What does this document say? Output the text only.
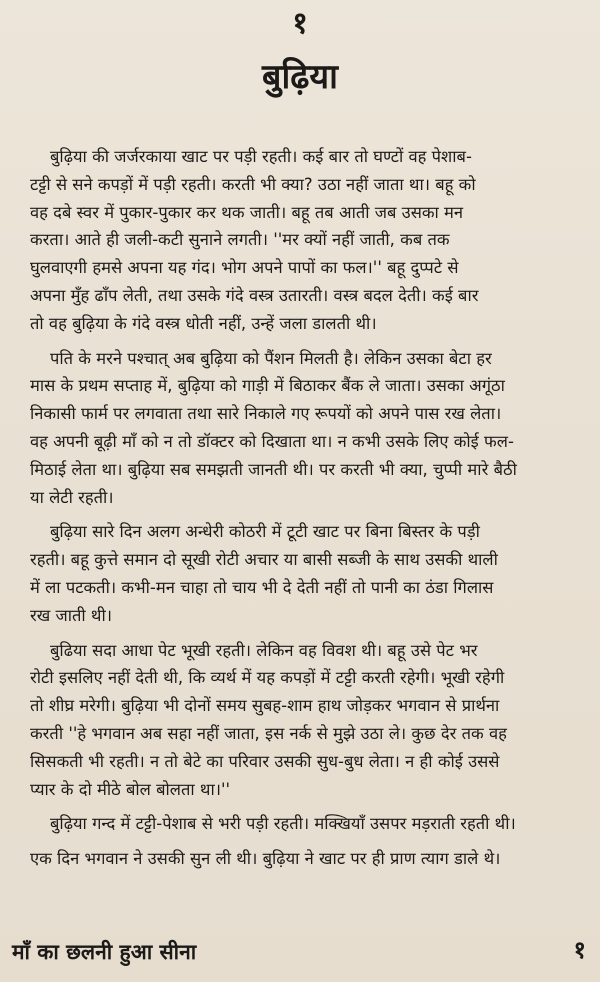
१
बुढ़िया
बुढ़िया की जर्जरकाया खाट पर पड़ी रहती। कई बार तो घण्टों वह पेशाब-
टट्टी से सने कपड़ों में पड़ी रहती। करती भी क्या? उठा नहीं जाता था। बहू को
वह दबे स्वर में पुकार-पुकार कर थक जाती। बहू तब आती जब उसका मन
करता। आते ही जली-कटी सुनाने लगती। ''मर क्यों नहीं जाती, कब तक
घुलवाएगी हमसे अपना यह गंद। भोग अपने पापों का फल।'' बहू दुप्पटे से
अपना मुँह ढाँप लेती, तथा उसके गंदे वस्त्र उतारती। वस्त्र बदल देती। कई बार
तो वह बुढ़िया के गंदे वस्त्र धोती नहीं, उन्हें जला डालती थी।
पति के मरने पश्चात् अब बुढ़िया को पैंशन मिलती है। लेकिन उसका बेटा हर
मास के प्रथम सप्ताह में, बुढ़िया को गाड़ी में बिठाकर बैंक ले जाता। उसका अगूंठा
निकासी फार्म पर लगवाता तथा सारे निकाले गए रूपयों को अपने पास रख लेता।
वह अपनी बूढ़ी माँ को न तो डॉक्टर को दिखाता था। न कभी उसके लिए कोई फल-
मिठाई लेता था। बुढ़िया सब समझती जानती थी। पर करती भी क्या, चुप्पी मारे बैठी
या लेटी रहती।
बुढ़िया सारे दिन अलग अन्धेरी कोठरी में टूटी खाट पर बिना बिस्तर के पड़ी
रहती। बहू कुत्ते समान दो सूखी रोटी अचार या बासी सब्जी के साथ उसकी थाली
में ला पटकती। कभी-मन चाहा तो चाय भी दे देती नहीं तो पानी का ठंडा गिलास
रख जाती थी।
बुढिया सदा आधा पेट भूखी रहती। लेकिन वह विवश थी। बहू उसे पेट भर
रोटी इसलिए नहीं देती थी, कि व्यर्थ में यह कपड़ों में टट्टी करती रहेगी। भूखी रहेगी
तो शीघ्र मरेगी। बुढ़िया भी दोनों समय सुबह-शाम हाथ जोड़कर भगवान से प्रार्थना
करती ''हे भगवान अब सहा नहीं जाता, इस नर्क से मुझे उठा ले। कुछ देर तक वह
सिसकती भी रहती। न तो बेटे का परिवार उसकी सुध-बुध लेता। न ही कोई उससे
प्यार के दो मीठे बोल बोलता था।''
बुढ़िया गन्द में टट्टी-पेशाब से भरी पड़ी रहती। मक्खियाँ उसपर मड़राती रहती थी।
एक दिन भगवान ने उसकी सुन ली थी। बुढ़िया ने खाट पर ही प्राण त्याग डाले थे।
माँ का छलनी हुआ सीना	१
